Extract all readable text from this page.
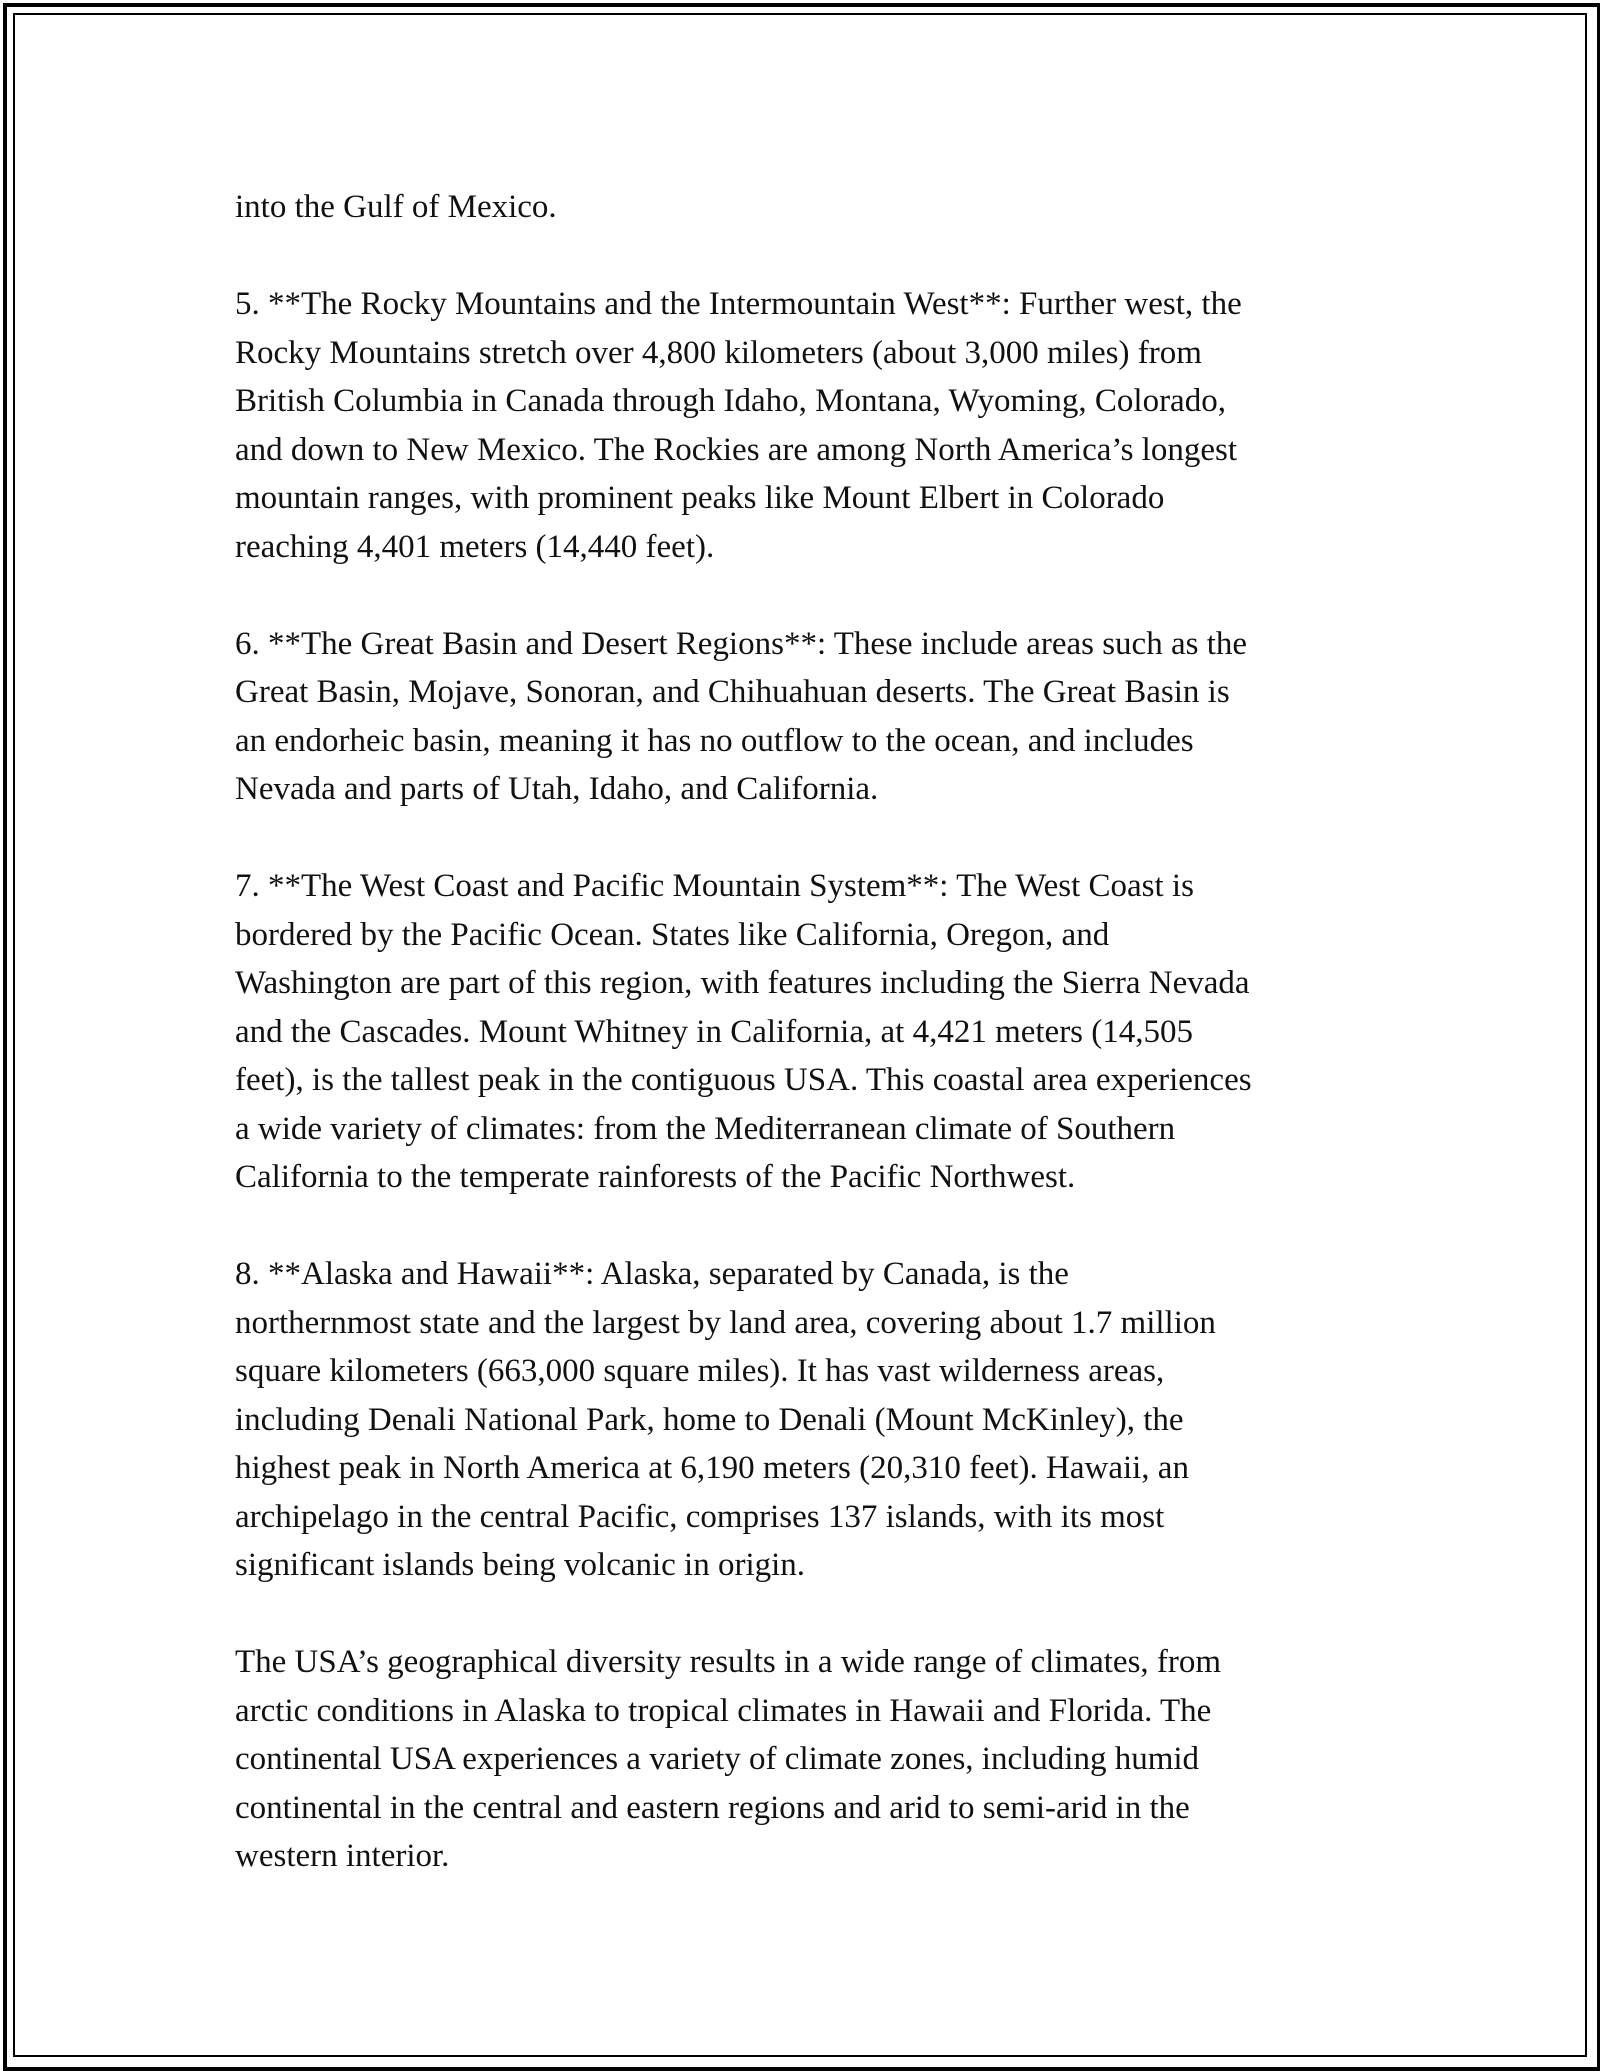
into the Gulf of Mexico.

5. **The Rocky Mountains and the Intermountain West**: Further west, the
Rocky Mountains stretch over 4,800 kilometers (about 3,000 miles) from
British Columbia in Canada through Idaho, Montana, Wyoming, Colorado,
and down to New Mexico. The Rockies are among North America’s longest
mountain ranges, with prominent peaks like Mount Elbert in Colorado
reaching 4,401 meters (14,440 feet).

6. **The Great Basin and Desert Regions**: These include areas such as the
Great Basin, Mojave, Sonoran, and Chihuahuan deserts. The Great Basin is
an endorheic basin, meaning it has no outflow to the ocean, and includes
Nevada and parts of Utah, Idaho, and California.

7. **The West Coast and Pacific Mountain System**: The West Coast is
bordered by the Pacific Ocean. States like California, Oregon, and
Washington are part of this region, with features including the Sierra Nevada
and the Cascades. Mount Whitney in California, at 4,421 meters (14,505
feet), is the tallest peak in the contiguous USA. This coastal area experiences
a wide variety of climates: from the Mediterranean climate of Southern
California to the temperate rainforests of the Pacific Northwest.

8. **Alaska and Hawaii**: Alaska, separated by Canada, is the
northernmost state and the largest by land area, covering about 1.7 million
square kilometers (663,000 square miles). It has vast wilderness areas,
including Denali National Park, home to Denali (Mount McKinley), the
highest peak in North America at 6,190 meters (20,310 feet). Hawaii, an
archipelago in the central Pacific, comprises 137 islands, with its most
significant islands being volcanic in origin.

The USA’s geographical diversity results in a wide range of climates, from
arctic conditions in Alaska to tropical climates in Hawaii and Florida. The
continental USA experiences a variety of climate zones, including humid
continental in the central and eastern regions and arid to semi-arid in the
western interior.
